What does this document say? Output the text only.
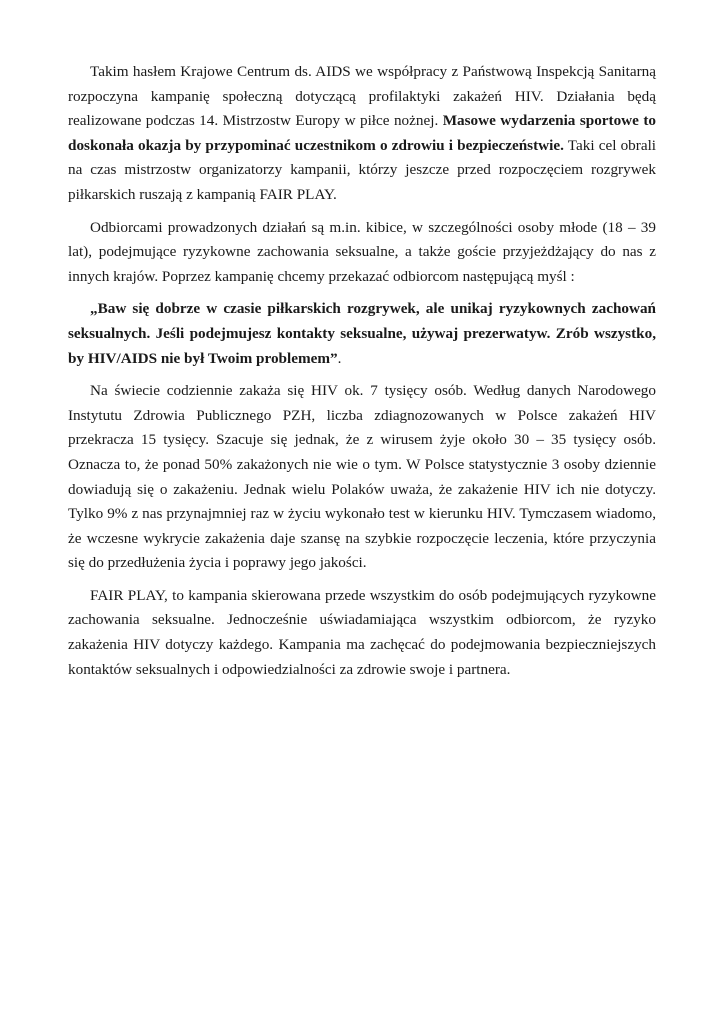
Takim hasłem Krajowe Centrum ds. AIDS we współpracy z Państwową Inspekcją Sanitarną rozpoczyna kampanię społeczną dotyczącą profilaktyki zakażeń HIV. Działania będą realizowane podczas 14. Mistrzostw Europy w piłce nożnej. Masowe wydarzenia sportowe to doskonała okazja by przypominać uczestnikom o zdrowiu i bezpieczeństwie. Taki cel obrali na czas mistrzostw organizatorzy kampanii, którzy jeszcze przed rozpoczęciem rozgrywek piłkarskich ruszają z kampanią FAIR PLAY.

Odbiorcami prowadzonych działań są m.in. kibice, w szczególności osoby młode (18 – 39 lat), podejmujące ryzykowne zachowania seksualne, a także goście przyjeżdżający do nas z innych krajów. Poprzez kampanię chcemy przekazać odbiorcom następującą myśl :

„Baw się dobrze w czasie piłkarskich rozgrywek, ale unikaj ryzykownych zachowań seksualnych. Jeśli podejmujesz kontakty seksualne, używaj prezerwatyw. Zrób wszystko, by HIV/AIDS nie był Twoim problemem”.

Na świecie codziennie zakaża się HIV ok. 7 tysięcy osób. Według danych Narodowego Instytutu Zdrowia Publicznego PZH, liczba zdiagnozowanych w Polsce zakażeń HIV przekracza 15 tysięcy. Szacuje się jednak, że z wirusem żyje około 30 – 35 tysięcy osób. Oznacza to, że ponad 50% zakażonych nie wie o tym. W Polsce statystycznie 3 osoby dziennie dowiadują się o zakażeniu. Jednak wielu Polaków uważa, że zakażenie HIV ich nie dotyczy. Tylko 9% z nas przynajmniej raz w życiu wykonało test w kierunku HIV. Tymczasem wiadomo, że wczesne wykrycie zakażenia daje szansę na szybkie rozpoczęcie leczenia, które przyczynia się do przedłużenia życia i poprawy jego jakości.

FAIR PLAY, to kampania skierowana przede wszystkim do osób podejmujących ryzykowne zachowania seksualne. Jednocześnie uświadamiająca wszystkim odbiorcom, że ryzyko zakażenia HIV dotyczy każdego. Kampania ma zachęcać do podejmowania bezpieczniejszych kontaktów seksualnych i odpowiedzialności za zdrowie swoje i partnera.
